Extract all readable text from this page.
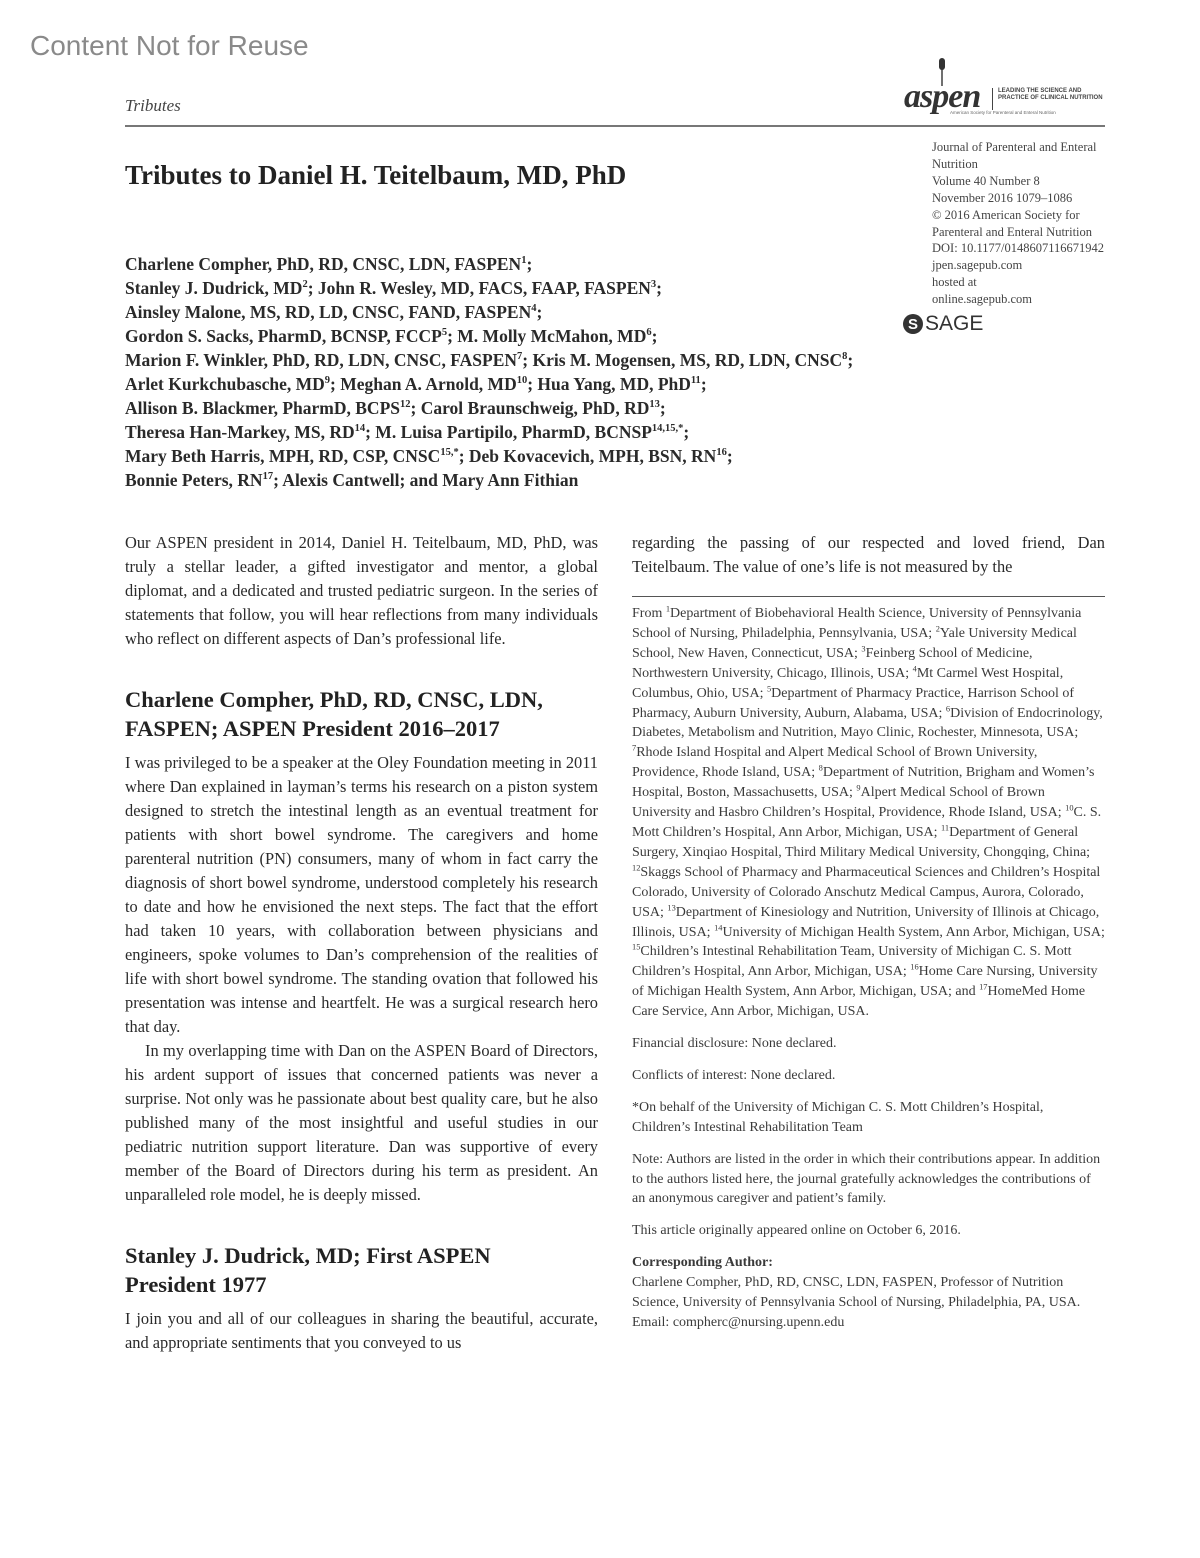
Content Not for Reuse
Tributes	aspen	LEADING THE SCIENCE AND
PRACTICE OF CLINICAL NUTRITION
American Society for Parenteral and Enteral Nutrition
Journal of Parenteral and Enteral Nutrition
Volume 40 Number 8
November 2016 1079–1086
© 2016 American Society for Parenteral and Enteral Nutrition
DOI: 10.1177/0148607116671942
jpen.sagepub.com
hosted at
online.sagepub.com
S SAGE
Tributes to Daniel H. Teitelbaum, MD, PhD
Charlene Compher, PhD, RD, CNSC, LDN, FASPEN$^1$;
Stanley J. Dudrick, $MD^2$; John R. Wesley, MD, FACS, FAAP, FASPEN$^3$;
Ainsley Malone, MS, RD, LD, CNSC, FAND, FASPEN$^4$;
Gordon S. Sacks, PharmD, BCNSP, FCCP$^5$; M. Molly McMahon, $MD^6$;
Marion F. Winkler, PhD, RD, LDN, CNSC, FASPEN$^7$; Kris M. Mogensen, MS, RD, LDN, CNSC$^8$;
Arlet Kurkchubasche, $MD^9$; Meghan A. Arnold, MD$^{10}$; Hua Yang, MD, PhD$^{11}$;
Allison B. Blackmer, PharmD, BCPS$^{12}$; Carol Braunschweig, PhD, RD$^{13}$;
Theresa Han-Markey, MS, RD$^{14}$; M. Luisa Partipilo, PharmD, $BCNSP^{14,15,*}$;
Mary Beth Harris, MPH, RD, CSP, $CNSC^{15,*}$; Deb Kovacevich, MPH, BSN, RN$^{16}$;
Bonnie Peters, RN$^{17}$; Alexis Cantwell; and Mary Ann Fithian

Our ASPEN president in 2014, Daniel H. Teitelbaum, MD, PhD, was truly a stellar leader, a gifted investigator and mentor, a global diplomat, and a dedicated and trusted pediatric surgeon. In the series of statements that follow, you will hear reflections from many individuals who reflect on different aspects of Dan’s professional life.

Charlene Compher, PhD, RD, CNSC, LDN, FASPEN; ASPEN President 2016–2017

I was privileged to be a speaker at the Oley Foundation meeting in 2011 where Dan explained in layman’s terms his research on a piston system designed to stretch the intestinal length as an eventual treatment for patients with short bowel syndrome. The caregivers and home parenteral nutrition (PN) consumers, many of whom in fact carry the diagnosis of short bowel syndrome, understood completely his research to date and how he envisioned the next steps. The fact that the effort had taken 10 years, with collaboration between physicians and engineers, spoke volumes to Dan’s comprehension of the realities of life with short bowel syndrome. The standing ovation that followed his presentation was intense and heartfelt. He was a surgical research hero that day.

In my overlapping time with Dan on the ASPEN Board of Directors, his ardent support of issues that concerned patients was never a surprise. Not only was he passionate about best quality care, but he also published many of the most insightful and useful studies in our pediatric nutrition support literature. Dan was supportive of every member of the Board of Directors during his term as president. An unparalleled role model, he is deeply missed.

Stanley J. Dudrick, MD; First ASPEN President 1977

I join you and all of our colleagues in sharing the beautiful, accurate, and appropriate sentiments that you conveyed to us

regarding the passing of our respected and loved friend, Dan Teitelbaum. The value of one’s life is not measured by the

From $^1$Department of Biobehavioral Health Science, University of Pennsylvania School of Nursing, Philadelphia, Pennsylvania, USA; $^2$Yale University Medical School, New Haven, Connecticut, USA; $^3$Feinberg School of Medicine, Northwestern University, Chicago, Illinois, USA; $^4$Mt Carmel West Hospital, Columbus, Ohio, USA; $^5$Department of Pharmacy Practice, Harrison School of Pharmacy, Auburn University, Auburn, Alabama, USA; $^6$Division of Endocrinology, Diabetes, Metabolism and Nutrition, Mayo Clinic, Rochester, Minnesota, USA; $^7$Rhode Island Hospital and Alpert Medical School of Brown University, Providence, Rhode Island, USA; $^8$Department of Nutrition, Brigham and Women’s Hospital, Boston, Massachusetts, USA; $^9$Alpert Medical School of Brown University and Hasbro Children’s Hospital, Providence, Rhode Island, USA; $^{10}$C. S. Mott Children’s Hospital, Ann Arbor, Michigan, USA; $^{11}$Department of General Surgery, Xinqiao Hospital, Third Military Medical University, Chongqing, China; $^{12}$Skaggs School of Pharmacy and Pharmaceutical Sciences and Children’s Hospital Colorado, University of Colorado Anschutz Medical Campus, Aurora, Colorado, USA; $^{13}$Department of Kinesiology and Nutrition, University of Illinois at Chicago, Illinois, USA; $^{14}$University of Michigan Health System, Ann Arbor, Michigan, USA; $^{15}$Children’s Intestinal Rehabilitation Team, University of Michigan C. S. Mott Children’s Hospital, Ann Arbor, Michigan, USA; $^{16}$Home Care Nursing, University of Michigan Health System, Ann Arbor, Michigan, USA; and $^{17}$HomeMed Home Care Service, Ann Arbor, Michigan, USA.

Financial disclosure: None declared.

Conflicts of interest: None declared.

*On behalf of the University of Michigan C. S. Mott Children’s Hospital, Children’s Intestinal Rehabilitation Team

Note: Authors are listed in the order in which their contributions appear. In addition to the authors listed here, the journal gratefully acknowledges the contributions of an anonymous caregiver and patient’s family.

This article originally appeared online on October 6, 2016.

Corresponding Author:

Charlene Compher, PhD, RD, CNSC, LDN, FASPEN, Professor of Nutrition Science, University of Pennsylvania School of Nursing, Philadelphia, PA, USA.

Email: compherc@nursing.upenn.edu
